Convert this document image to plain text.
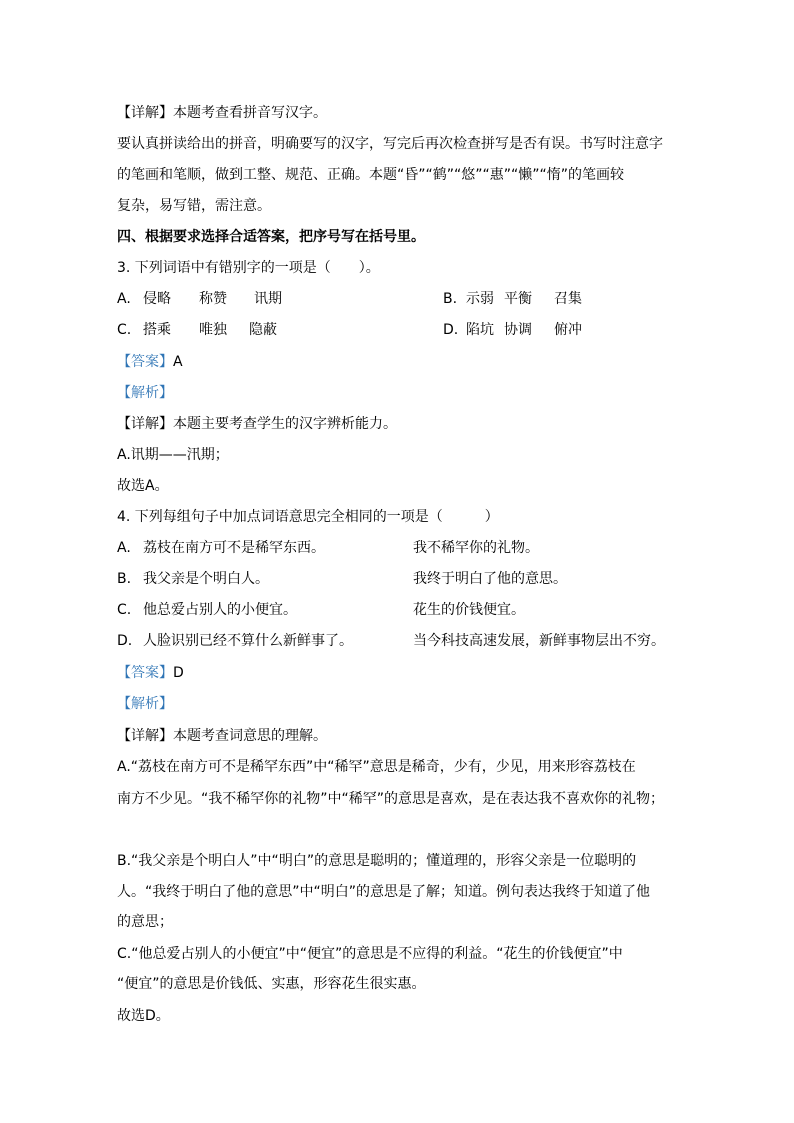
【详解】本题考查看拼音写汉字。
要认真拼读给出的拼音，明确要写的汉字，写完后再次检查拼写是否有误。书写时注意字
的笔画和笔顺，做到工整、规范、正确。本题“昏”“鹤”“悠”“惠”“懒”“惰”的笔画较
复杂，易写错，需注意。
四、根据要求选择合适答案，把序号写在括号里。
3. 下列词语中有错别字的一项是（　　）。
A. 侵略 称赞 讯期	B. 示弱 平衡 召集
C. 搭乘 唯独 隐蔽	D. 陷坑 协调 俯冲
【答案】A
【解析】
【详解】本题主要考查学生的汉字辨析能力。
A.讯期——汛期；
故选A。
4. 下列每组句子中加点词语意思完全相同的一项是（　　　）
A. 荔枝在南方可不是稀罕东西。	我不稀罕你的礼物。
B. 我父亲是个明白人。	我终于明白了他的意思。
C. 他总爱占别人的小便宜。	花生的价钱便宜。
D. 人脸识别已经不算什么新鲜事了。	当今科技高速发展，新鲜事物层出不穷。
【答案】D
【解析】
【详解】本题考查词意思的理解。
A.“荔枝在南方可不是稀罕东西”中“稀罕”意思是稀奇，少有，少见，用来形容荔枝在
南方不少见。“我不稀罕你的礼物”中“稀罕”的意思是喜欢，是在表达我不喜欢你的礼物；
B.“我父亲是个明白人”中“明白”的意思是聪明的；懂道理的，形容父亲是一位聪明的
人。“我终于明白了他的意思”中“明白”的意思是了解；知道。例句表达我终于知道了他
的意思；
C.“他总爱占别人的小便宜”中“便宜”的意思是不应得的利益。“花生的价钱便宜”中
“便宜”的意思是价钱低、实惠，形容花生很实惠。
故选D。
